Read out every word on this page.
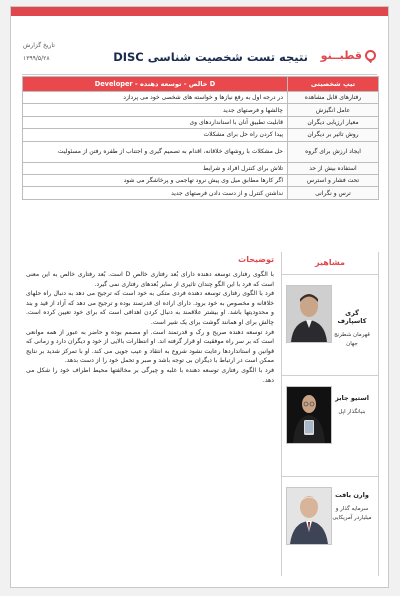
قطبــنو
نتیجه تست شخصیت شناسی DISC
تاریخ گزارش
۱۳۹۹/۵/۲۸
تیپ شخصیتی	D خالص - توسعه دهنده - Developer
رفتارهای قابل مشاهده	در درجه اول به رفع نیازها و خواسته های شخصی خود می پردازد
عامل انگیزش	چالشها و فرصتهای جدید
معیار ارزیابی دیگران	قابلیت تطبیق آنان با استانداردهای وی
روش تاثیر بر دیگران	پیدا کردن راه حل برای مشکلات
ایجاد ارزش برای گروه	حل مشکلات با روشهای خلاقانه، اقدام به تصمیم گیری و اجتناب از طفره رفتن از مسئولیت
استفاده بیش از حد	تلاش برای کنترل افراد و شرایط
تحت فشار و استرس	اگر کارها مطابق میل وی پیش نرود تهاجمی و پرخاشگر می شود
ترس و نگرانی	نداشتن کنترل و از دست دادن فرصتهای جدید
مشاهیر
گری کاسپارف
قهرمان شطرنج جهان
استیو جابز
بنیانگذار اپل
وارن بافت
سرمایه گذار و میلیاردر آمریکایی
توضیحات

با الگوی رفتاری توسعه دهنده دارای بُعد رفتاری خالص D است. بُعد رفتاری خالص به این معنی است که فرد با این الگو چندان تاثیری از سایر بُعدهای رفتاری نمی گیرد.

فرد با الگوی رفتاری توسعه دهنده فردی متکی به خود است که ترجیح می دهد به دنبال راه حلهای خلاقانه و مخصوص به خود برود. دارای اراده ای قدرتمند بوده و ترجیح می دهد که آزاد از قید و بند و محدودیتها باشد. او بیشتر علاقمند به دنبال کردن اهدافی است که برای خود تعیین کرده است. چالش برای او همانند گوشت برای یک شیر است.

فرد توسعه دهنده صریح و رک و قدرتمند است. او مصمم بوده و حاضر به عبور از همه موانعی است که بر سر راه موفقیت او قرار گرفته اند. او انتظارات بالایی از خود و دیگران دارد و زمانی که قوانین و استانداردها رعایت نشود شروع به انتقاد و عیب جویی می کند. او با تمرکز شدید بر نتایج ممکن است در ارتباط با دیگران بی توجه باشد و صبر و تحمل خود را از دست بدهد.

فرد با الگوی رفتاری توسعه دهنده با غلبه و چیرگی بر مخالفتها محیط اطراف خود را شکل می دهد.
